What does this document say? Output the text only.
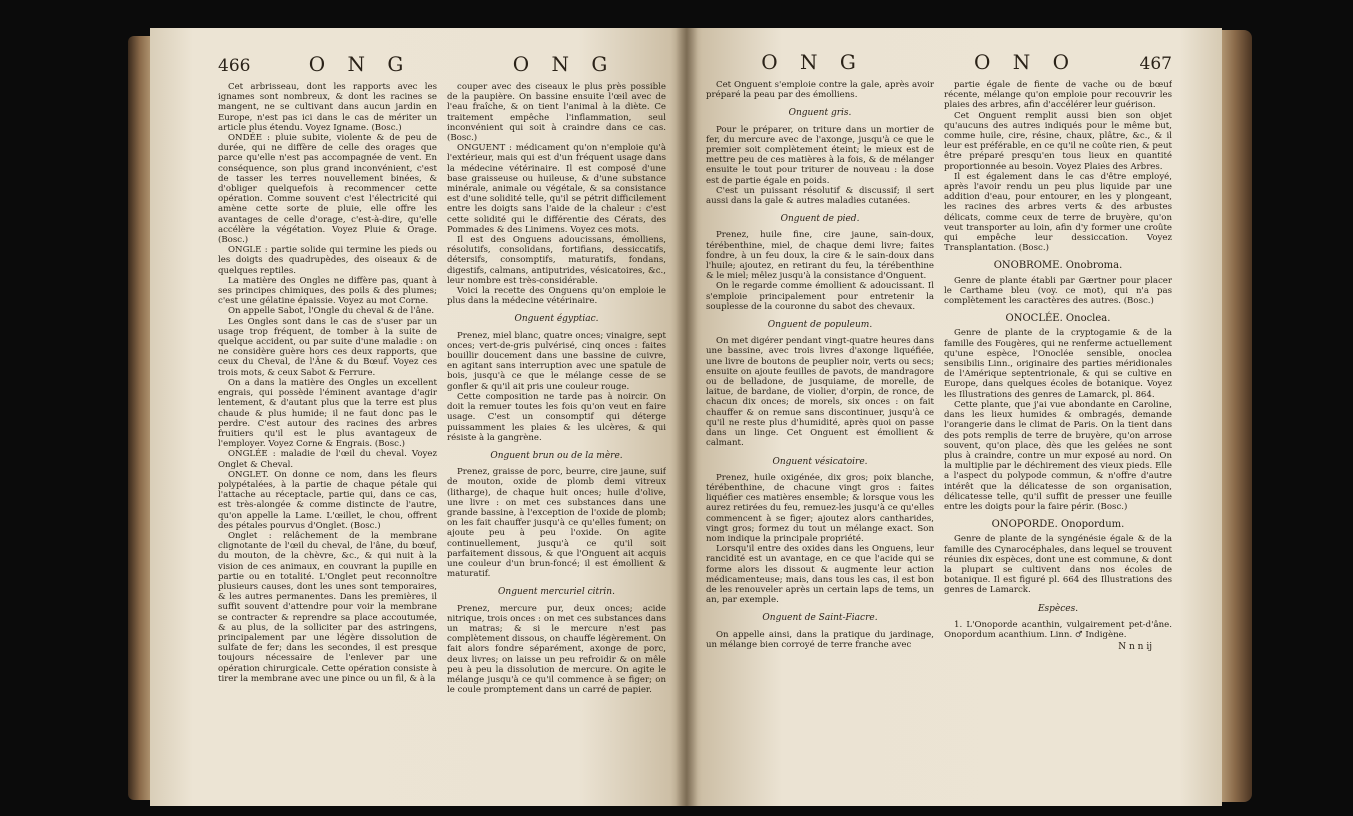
466	O N G	O N G

Cet arbrisseau, dont les rapports avec les ignames sont nombreux, & dont les racines se mangent, ne se cultivant dans aucun jardin en Europe, n'est pas ici dans le cas de mériter un article plus étendu. Voyez Igname. (Bosc.)

ONDÉE : pluie subite, violente & de peu de durée, qui ne diffère de celle des orages que parce qu'elle n'est pas accompagnée de vent. En conséquence, son plus grand inconvénient, c'est de tasser les terres nouvellement binées, & d'obliger quelquefois à recommencer cette opération. Comme souvent c'est l'électricité qui amène cette sorte de pluie, elle offre les avantages de celle d'orage, c'est-à-dire, qu'elle accélère la végétation. Voyez Pluie & Orage. (Bosc.)

ONGLE : partie solide qui termine les pieds ou les doigts des quadrupèdes, des oiseaux & de quelques reptiles.

La matière des Ongles ne diffère pas, quant à ses principes chimiques, des poils & des plumes; c'est une gélatine épaissie. Voyez au mot Corne.

On appelle Sabot, l'Ongle du cheval & de l'âne.

Les Ongles sont dans le cas de s'user par un usage trop fréquent, de tomber à la suite de quelque accident, ou par suite d'une maladie : on ne considère guère hors ces deux rapports, que ceux du Cheval, de l'Âne & du Bœuf. Voyez ces trois mots, & ceux Sabot & Ferrure.

On a dans la matière des Ongles un excellent engrais, qui possède l'éminent avantage d'agir lentement, & d'autant plus que la terre est plus chaude & plus humide; il ne faut donc pas le perdre. C'est autour des racines des arbres fruitiers qu'il est le plus avantageux de l'employer. Voyez Corne & Engrais. (Bosc.)

ONGLÉE : maladie de l'œil du cheval. Voyez Onglet & Cheval.

ONGLET. On donne ce nom, dans les fleurs polypétalées, à la partie de chaque pétale qui l'attache au réceptacle, partie qui, dans ce cas, est très-alongée & comme distincte de l'autre, qu'on appelle la Lame. L'œillet, le chou, offrent des pétales pourvus d'Onglet. (Bosc.)

Onglet : relâchement de la membrane clignotante de l'œil du cheval, de l'âne, du bœuf, du mouton, de la chèvre, &c., & qui nuit à la vision de ces animaux, en couvrant la pupille en partie ou en totalité. L'Onglet peut reconnoître plusieurs causes, dont les unes sont temporaires, & les autres permanentes. Dans les premières, il suffit souvent d'attendre pour voir la membrane se contracter & reprendre sa place accoutumée, & au plus, de la solliciter par des astringens, principalement par une légère dissolution de sulfate de fer; dans les secondes, il est presque toujours nécessaire de l'enlever par une opération chirurgicale. Cette opération consiste à tirer la membrane avec une pince ou un fil, & à la

couper avec des ciseaux le plus près possible de la paupière. On bassine ensuite l'œil avec de l'eau fraîche, & on tient l'animal à la diète. Ce traitement empêche l'inflammation, seul inconvénient qui soit à craindre dans ce cas. (Bosc.)

ONGUENT : médicament qu'on n'emploie qu'à l'extérieur, mais qui est d'un fréquent usage dans la médecine vétérinaire. Il est composé d'une base graisseuse ou huileuse, & d'une substance minérale, animale ou végétale, & sa consistance est d'une solidité telle, qu'il se pétrit difficilement entre les doigts sans l'aide de la chaleur : c'est cette solidité qui le différentie des Cérats, des Pommades & des Linimens. Voyez ces mots.

Il est des Onguens adoucissans, émolliens, résolutifs, consolidans, fortifians, dessiccatifs, détersifs, consomptifs, maturatifs, fondans, digestifs, calmans, antiputrides, vésicatoires, &c., leur nombre est très-considérable.

Voici la recette des Onguens qu'on emploie le plus dans la médecine vétérinaire.

Onguent égyptiac.

Prenez, miel blanc, quatre onces; vinaigre, sept onces; vert-de-gris pulvérisé, cinq onces : faites bouillir doucement dans une bassine de cuivre, en agitant sans interruption avec une spatule de bois, jusqu'à ce que le mélange cesse de se gonfler & qu'il ait pris une couleur rouge.

Cette composition ne tarde pas à noircir. On doit la remuer toutes les fois qu'on veut en faire usage. C'est un consomptif qui déterge puissamment les plaies & les ulcères, & qui résiste à la gangrène.

Onguent brun ou de la mère.

Prenez, graisse de porc, beurre, cire jaune, suif de mouton, oxide de plomb demi vitreux (litharge), de chaque huit onces; huile d'olive, une livre : on met ces substances dans une grande bassine, à l'exception de l'oxide de plomb; on les fait chauffer jusqu'à ce qu'elles fument; on ajoute peu à peu l'oxide. On agite continuellement, jusqu'à ce qu'il soit parfaitement dissous, & que l'Onguent ait acquis une couleur d'un brun-foncé; il est émollient & maturatif.

Onguent mercuriel citrin.

Prenez, mercure pur, deux onces; acide nitrique, trois onces : on met ces substances dans un matras; & si le mercure n'est pas complètement dissous, on chauffe légèrement. On fait alors fondre séparément, axonge de porc, deux livres; on laisse un peu refroidir & on mêle peu à peu la dissolution de mercure. On agite le mélange jusqu'à ce qu'il commence à se figer; on le coule promptement dans un carré de papier.

O N G	O N O	467

Cet Onguent s'emploie contre la gale, après avoir préparé la peau par des émolliens.

Onguent gris.

Pour le préparer, on triture dans un mortier de fer, du mercure avec de l'axonge, jusqu'à ce que le premier soit complètement éteint; le mieux est de mettre peu de ces matières à la fois, & de mélanger ensuite le tout pour triturer de nouveau : la dose est de partie égale en poids.

C'est un puissant résolutif & discussif; il sert aussi dans la gale & autres maladies cutanées.

Onguent de pied.

Prenez, huile fine, cire jaune, sain-doux, térébenthine, miel, de chaque demi livre; faites fondre, à un feu doux, la cire & le sain-doux dans l'huile; ajoutez, en retirant du feu, la térébenthine & le miel; mêlez jusqu'à la consistance d'Onguent.

On le regarde comme émollient & adoucissant. Il s'emploie principalement pour entretenir la souplesse de la couronne du sabot des chevaux.

Onguent de populeum.

On met digérer pendant vingt-quatre heures dans une bassine, avec trois livres d'axonge liquéfiée, une livre de boutons de peuplier noir, verts ou secs; ensuite on ajoute feuilles de pavots, de mandragore ou de belladone, de jusquiame, de morelle, de laitue, de bardane, de violier, d'orpin, de ronce, de chacun dix onces; de morels, six onces : on fait chauffer & on remue sans discontinuer, jusqu'à ce qu'il ne reste plus d'humidité, après quoi on passe dans un linge. Cet Onguent est émollient & calmant.

Onguent vésicatoire.

Prenez, huile oxigénée, dix gros; poix blanche, térébenthine, de chacune vingt gros : faites liquéfier ces matières ensemble; & lorsque vous les aurez retirées du feu, remuez-les jusqu'à ce qu'elles commencent à se figer; ajoutez alors cantharides, vingt gros; formez du tout un mélange exact. Son nom indique la principale propriété.

Lorsqu'il entre des oxides dans les Onguens, leur rancidité est un avantage, en ce que l'acide qui se forme alors les dissout & augmente leur action médicamenteuse; mais, dans tous les cas, il est bon de les renouveler après un certain laps de tems, un an, par exemple.

Onguent de Saint-Fiacre.

On appelle ainsi, dans la pratique du jardinage, un mélange bien corroyé de terre franche avec

partie égale de fiente de vache ou de bœuf récente, mélange qu'on emploie pour recouvrir les plaies des arbres, afin d'accélérer leur guérison.

Cet Onguent remplit aussi bien son objet qu'aucuns des autres indiqués pour le même but, comme huile, cire, résine, chaux, plâtre, &c., & il leur est préférable, en ce qu'il ne coûte rien, & peut être préparé presqu'en tous lieux en quantité proportionnée au besoin. Voyez Plaies des Arbres.

Il est également dans le cas d'être employé, après l'avoir rendu un peu plus liquide par une addition d'eau, pour entourer, en les y plongeant, les racines des arbres verts & des arbustes délicats, comme ceux de terre de bruyère, qu'on veut transporter au loin, afin d'y former une croûte qui empêche leur dessiccation. Voyez Transplantation. (Bosc.)

ONOBROME. Onobroma.

Genre de plante établi par Gærtner pour placer le Carthame bleu (voy. ce mot), qui n'a pas complètement les caractères des autres. (Bosc.)

ONOCLÉE. Onoclea.

Genre de plante de la cryptogamie & de la famille des Fougères, qui ne renferme actuellement qu'une espèce, l'Onoclée sensible, onoclea sensibilis Linn., originaire des parties méridionales de l'Amérique septentrionale, & qui se cultive en Europe, dans quelques écoles de botanique. Voyez les Illustrations des genres de Lamarck, pl. 864.

Cette plante, que j'ai vue abondante en Caroline, dans les lieux humides & ombragés, demande l'orangerie dans le climat de Paris. On la tient dans des pots remplis de terre de bruyère, qu'on arrose souvent, qu'on place, dès que les gelées ne sont plus à craindre, contre un mur exposé au nord. On la multiplie par le déchirement des vieux pieds. Elle a l'aspect du polypode commun, & n'offre d'autre intérêt que la délicatesse de son organisation, délicatesse telle, qu'il suffit de presser une feuille entre les doigts pour la faire périr. (Bosc.)

ONOPORDE. Onopordum.

Genre de plante de la syngénésie égale & de la famille des Cynarocéphales, dans lequel se trouvent réunies dix espèces, dont une est commune, & dont la plupart se cultivent dans nos écoles de botanique. Il est figuré pl. 664 des Illustrations des genres de Lamarck.

Espèces.

1. L'Onoporde acanthin, vulgairement pet-d'âne. Onopordum acanthium. Linn. ♂ Indigène.

N n n ij
